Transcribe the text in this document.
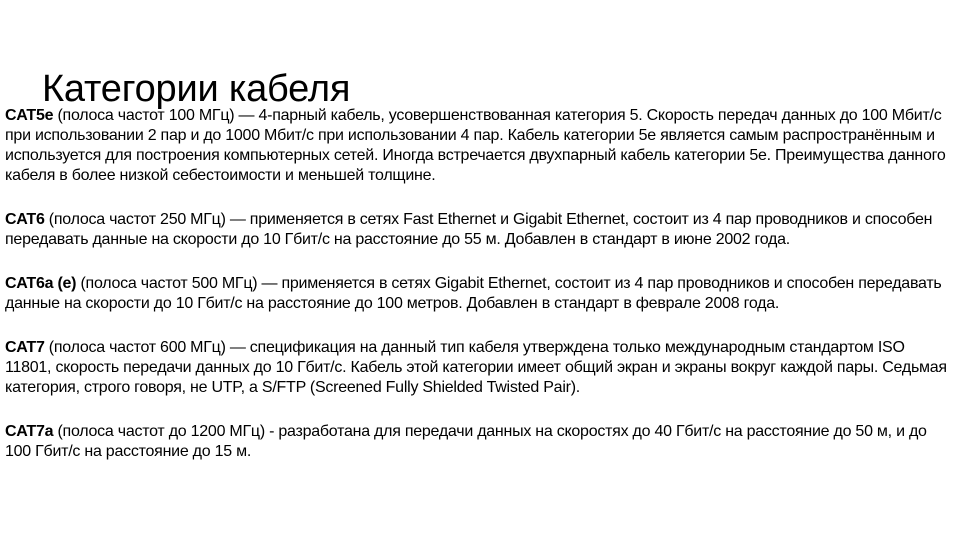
Категории кабеля

CAT5e (полоса частот 100 МГц) — 4-парный кабель, усовершенствованная категория 5. Скорость передач данных до 100 Мбит/с при использовании 2 пар и до 1000 Мбит/с при использовании 4 пар. Кабель категории 5e является самым распространённым и используется для построения компьютерных сетей. Иногда встречается двухпарный кабель категории 5e. Преимущества данного кабеля в более низкой себестоимости и меньшей толщине.

CAT6 (полоса частот 250 МГц) — применяется в сетях Fast Ethernet и Gigabit Ethernet, состоит из 4 пар проводников и способен передавать данные на скорости до 10 Гбит/с на расстояние до 55 м. Добавлен в стандарт в июне 2002 года.

CAT6a (e) (полоса частот 500 МГц) — применяется в сетях Gigabit Ethernet, состоит из 4 пар проводников и способен передавать данные на скорости до 10 Гбит/с на расстояние до 100 метров. Добавлен в стандарт в феврале 2008 года.

CAT7 (полоса частот 600 МГц) — спецификация на данный тип кабеля утверждена только международным стандартом ISO 11801, скорость передачи данных до 10 Гбит/с. Кабель этой категории имеет общий экран и экраны вокруг каждой пары. Седьмая категория, строго говоря, не UTP, а S/FTP (Screened Fully Shielded Twisted Pair).

CAT7a (полоса частот до 1200 МГц) - разработана для передачи данных на скоростях до 40 Гбит/с на расстояние до 50 м, и до 100 Гбит/с на расстояние до 15 м.
